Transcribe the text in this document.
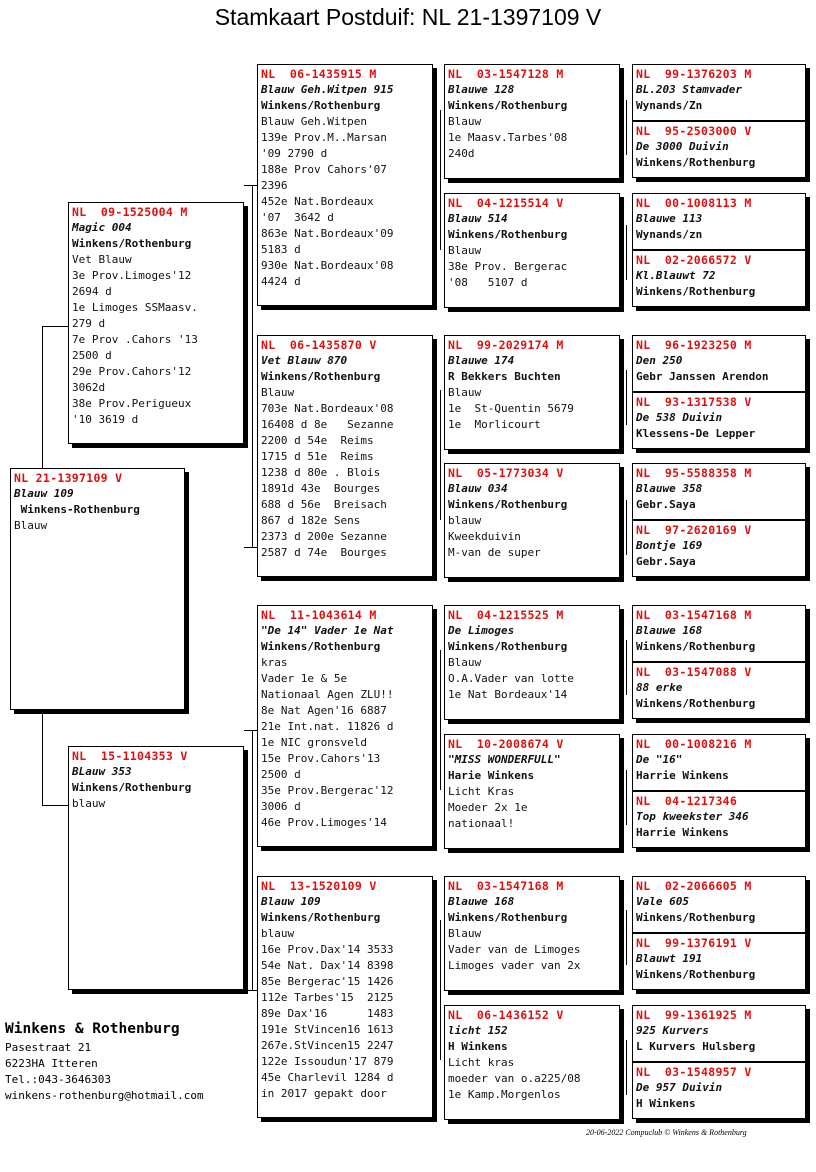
Stamkaart Postduif: NL 21-1397109 V
NL 21-1397109 V
Blauw 109
Winkens-Rothenburg
Blauw
NL  09-1525004 M
Magic 004
Winkens/Rothenburg
Vet Blauw
3e Prov.Limoges'12
2694 d
1e Limoges SSMaasv.
279 d
7e Prov .Cahors '13
2500 d
29e Prov.Cahors'12
3062d
38e Prov.Perigueux
'10 3619 d
NL  15-1104353 V
BLauw 353
Winkens/Rothenburg
blauw
NL  06-1435915 M
Blauw Geh.Witpen 915
Winkens/Rothenburg
Blauw Geh.Witpen
139e Prov.M..Marsan
'09 2790 d
188e Prov Cahors'07
2396
452e Nat.Bordeaux
'07  3642 d
863e Nat.Bordeaux'09
5183 d
930e Nat.Bordeaux'08
4424 d
NL  06-1435870 V
Vet Blauw 870
Winkens/Rothenburg
Blauw
703e Nat.Bordeaux'08
16408 d 8e   Sezanne
2200 d 54e  Reims
1715 d 51e  Reims
1238 d 80e . Blois
1891d 43e  Bourges
688 d 56e  Breisach
867 d 182e Sens
2373 d 200e Sezanne
2587 d 74e  Bourges
NL  11-1043614 M
"De 14" Vader 1e Nat
Winkens/Rothenburg
kras
Vader 1e & 5e
Nationaal Agen ZLU!!
8e Nat Agen'16 6887
21e Int.nat. 11826 d
1e NIC gronsveld
15e Prov.Cahors'13
2500 d
35e Prov.Bergerac'12
3006 d
46e Prov.Limoges'14
NL  13-1520109 V
Blauw 109
Winkens/Rothenburg
blauw
16e Prov.Dax'14 3533
54e Nat. Dax'14 8398
85e Bergerac'15 1426
112e Tarbes'15  2125
89e Dax'16      1483
191e StVincen16 1613
267e.StVincen15 2247
122e Issoudun'17 879
45e Charlevil 1284 d
in 2017 gepakt door
NL  03-1547128 M
Blauwe 128
Winkens/Rothenburg
Blauw
1e Maasv.Tarbes'08
240d
NL  04-1215514 V
Blauw 514
Winkens/Rothenburg
Blauw
38e Prov. Bergerac
'08   5107 d
NL  99-2029174 M
Blauwe 174
R Bekkers Buchten
Blauw
1e  St-Quentin 5679
1e  Morlicourt
NL  05-1773034 V
Blauw 034
Winkens/Rothenburg
blauw
Kweekduivin
M-van de super
NL  04-1215525 M
De Limoges
Winkens/Rothenburg
Blauw
O.A.Vader van lotte
1e Nat Bordeaux'14
NL  10-2008674 V
"MISS WONDERFULL"
Harie Winkens
Licht Kras
Moeder 2x 1e
nationaal!
NL  03-1547168 M
Blauwe 168
Winkens/Rothenburg
Blauw
Vader van de Limoges
Limoges vader van 2x
NL  06-1436152 V
licht 152
H Winkens
Licht kras
moeder van o.a225/08
1e Kamp.Morgenlos
NL  99-1376203 M
BL.203 Stamvader
Wynands/Zn
NL  95-2503000 V
De 3000 Duivin
Winkens/Rothenburg
NL  00-1008113 M
Blauwe 113
Wynands/zn
NL  02-2066572 V
Kl.Blauwt 72
Winkens/Rothenburg
NL  96-1923250 M
Den 250
Gebr Janssen Arendon
NL  93-1317538 V
De 538 Duivin
Klessens-De Lepper
NL  95-5588358 M
Blauwe 358
Gebr.Saya
NL  97-2620169 V
Bontje 169
Gebr.Saya
NL  03-1547168 M
Blauwe 168
Winkens/Rothenburg
NL  03-1547088 V
88 erke
Winkens/Rothenburg
NL  00-1008216 M
De "16"
Harrie Winkens
NL  04-1217346
Top kweekster 346
Harrie Winkens
NL  02-2066605 M
Vale 605
Winkens/Rothenburg
NL  99-1376191 V
Blauwt 191
Winkens/Rothenburg
NL  99-1361925 M
925 Kurvers
L Kurvers Hulsberg
NL  03-1548957 V
De 957 Duivin
H Winkens
Winkens & Rothenburg
Pasestraat 21
6223HA Itteren
Tel.:043-3646303
winkens-rothenburg@hotmail.com
20-06-2022 Compuclub © Winkens & Rothenburg
